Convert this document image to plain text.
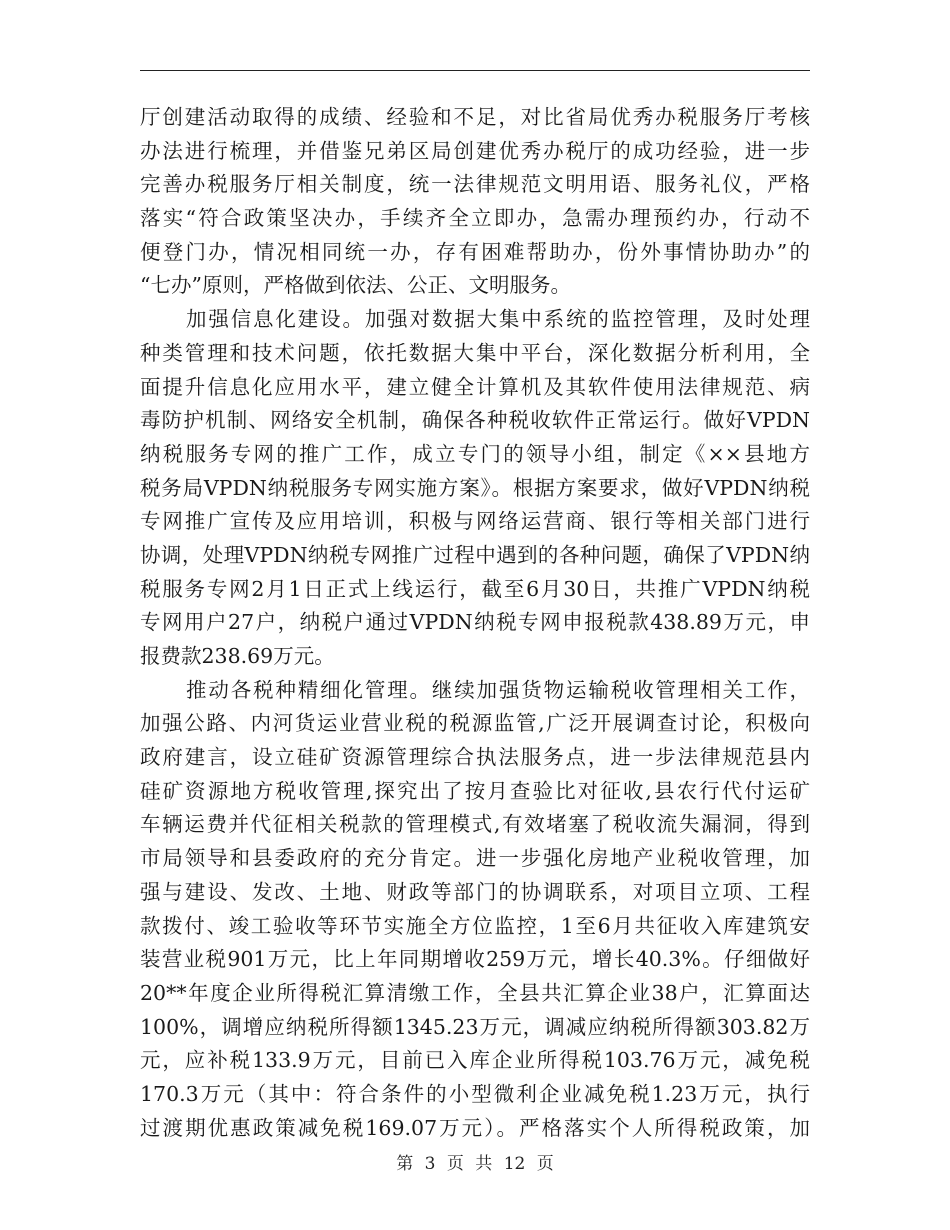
厅创建活动取得的成绩、经验和不足，对比省局优秀办税服务厅考核
办法进行梳理，并借鉴兄弟区局创建优秀办税厅的成功经验，进一步
完善办税服务厅相关制度，统一法律规范文明用语、服务礼仪，严格
落实“符合政策坚决办，手续齐全立即办，急需办理预约办，行动不
便登门办，情况相同统一办，存有困难帮助办，份外事情协助办”的
“七办”原则，严格做到依法、公正、文明服务。
加强信息化建设。加强对数据大集中系统的监控管理，及时处理
种类管理和技术问题，依托数据大集中平台，深化数据分析利用，全
面提升信息化应用水平，建立健全计算机及其软件使用法律规范、病
毒防护机制、网络安全机制，确保各种税收软件正常运行。做好VPDN
纳税服务专网的推广工作，成立专门的领导小组，制定《××县地方
税务局VPDN纳税服务专网实施方案》。根据方案要求，做好VPDN纳税
专网推广宣传及应用培训，积极与网络运营商、银行等相关部门进行
协调，处理VPDN纳税专网推广过程中遇到的各种问题，确保了VPDN纳
税服务专网2月1日正式上线运行，截至6月30日，共推广VPDN纳税
专网用户27户，纳税户通过VPDN纳税专网申报税款438.89万元，申
报费款238.69万元。
推动各税种精细化管理。继续加强货物运输税收管理相关工作，
加强公路、内河货运业营业税的税源监管,广泛开展调查讨论，积极向
政府建言，设立硅矿资源管理综合执法服务点，进一步法律规范县内
硅矿资源地方税收管理,探究出了按月查验比对征收,县农行代付运矿
车辆运费并代征相关税款的管理模式,有效堵塞了税收流失漏洞，得到
市局领导和县委政府的充分肯定。进一步强化房地产业税收管理，加
强与建设、发改、土地、财政等部门的协调联系，对项目立项、工程
款拨付、竣工验收等环节实施全方位监控，1至6月共征收入库建筑安
装营业税901万元，比上年同期增收259万元，增长40.3%。仔细做好
20**年度企业所得税汇算清缴工作，全县共汇算企业38户，汇算面达
100%，调增应纳税所得额1345.23万元，调减应纳税所得额303.82万
元，应补税133.9万元，目前已入库企业所得税103.76万元，减免税
170.3万元（其中：符合条件的小型微利企业减免税1.23万元，执行
过渡期优惠政策减免税169.07万元）。严格落实个人所得税政策，加
第 3 页 共 12 页
